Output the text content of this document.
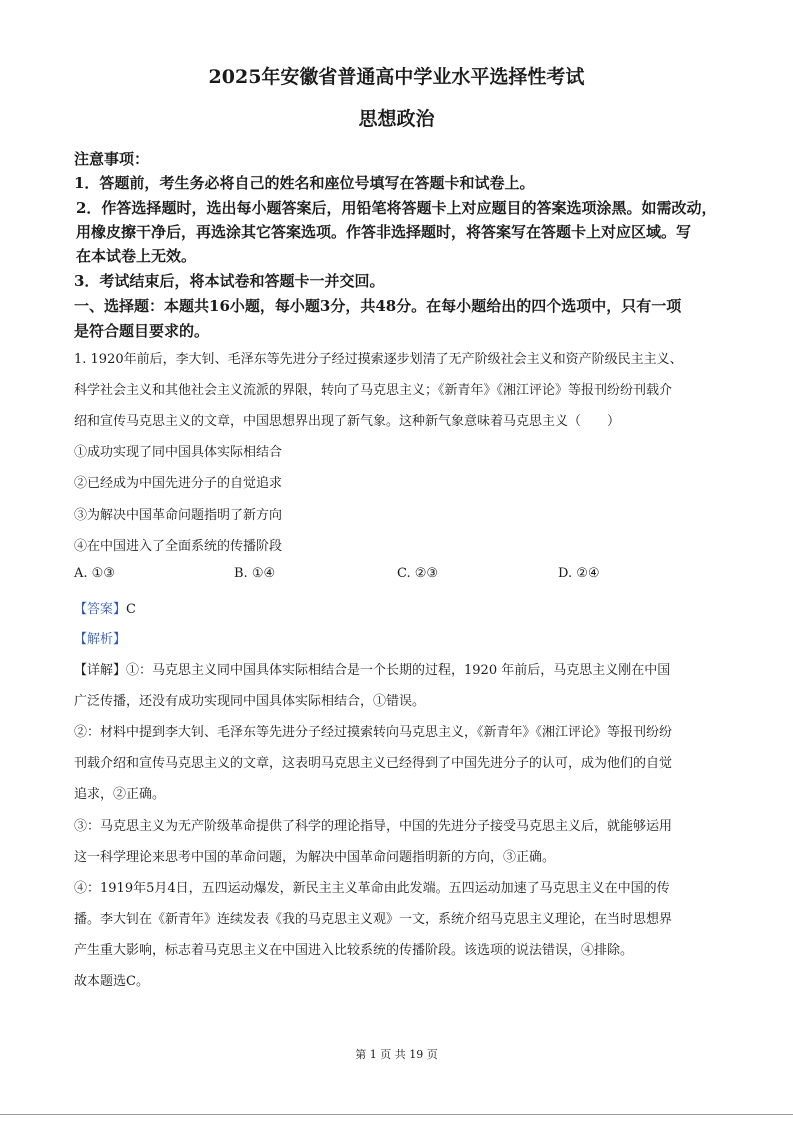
2025年安徽省普通高中学业水平选择性考试
思想政治
注意事项：
1．答题前，考生务必将自己的姓名和座位号填写在答题卡和试卷上。
2．作答选择题时，选出每小题答案后，用铅笔将答题卡上对应题目的答案选项涂黑。如需改动，
用橡皮擦干净后，再选涂其它答案选项。作答非选择题时，将答案写在答题卡上对应区域。写
在本试卷上无效。
3．考试结束后，将本试卷和答题卡一并交回。
一、选择题：本题共16小题，每小题3分，共48分。在每小题给出的四个选项中，只有一项
是符合题目要求的。
1. 1920年前后，李大钊、毛泽东等先进分子经过摸索逐步划清了无产阶级社会主义和资产阶级民主主义、
科学社会主义和其他社会主义流派的界限，转向了马克思主义；《新青年》《湘江评论》等报刊纷纷刊载介
绍和宣传马克思主义的文章，中国思想界出现了新气象。这种新气象意味着马克思主义（　　）
①成功实现了同中国具体实际相结合
②已经成为中国先进分子的自觉追求
③为解决中国革命问题指明了新方向
④在中国进入了全面系统的传播阶段
A. ①③	B. ①④	C. ②③	D. ②④
【答案】C
【解析】
【详解】①：马克思主义同中国具体实际相结合是一个长期的过程，1920 年前后，马克思主义刚在中国
广泛传播，还没有成功实现同中国具体实际相结合，①错误。
②：材料中提到李大钊、毛泽东等先进分子经过摸索转向马克思主义，《新青年》《湘江评论》等报刊纷纷
刊载介绍和宣传马克思主义的文章，这表明马克思主义已经得到了中国先进分子的认可，成为他们的自觉
追求，②正确。
③：马克思主义为无产阶级革命提供了科学的理论指导，中国的先进分子接受马克思主义后，就能够运用
这一科学理论来思考中国的革命问题，为解决中国革命问题指明新的方向，③正确。
④：1919年5月4日，五四运动爆发，新民主主义革命由此发端。五四运动加速了马克思主义在中国的传
播。李大钊在《新青年》连续发表《我的马克思主义观》一文，系统介绍马克思主义理论，在当时思想界
产生重大影响，标志着马克思主义在中国进入比较系统的传播阶段。该选项的说法错误，④排除。
故本题选C。
第 1 页 共 19 页
